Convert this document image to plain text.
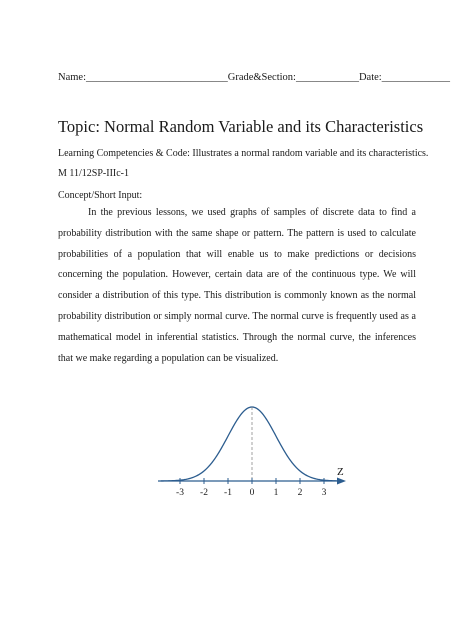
Name:___________________________Grade&Section:____________Date:_____________
Topic: Normal Random Variable and its Characteristics
Learning Competencies & Code: Illustrates a normal random variable and its characteristics.
M 11/12SP-IIIc-1
Concept/Short Input:

In the previous lessons, we used graphs of samples of discrete data to find a probability distribution with the same shape or pattern. The pattern is used to calculate probabilities of a population that will enable us to make predictions or decisions concerning the population. However, certain data are of the continuous type. We will consider a distribution of this type. This distribution is commonly known as the normal probability distribution or simply normal curve. The normal curve is frequently used as a mathematical model in inferential statistics. Through the normal curve, the inferences that we make regarding a population can be visualized.

Z
-3 -2 -1 0 1 2 3
